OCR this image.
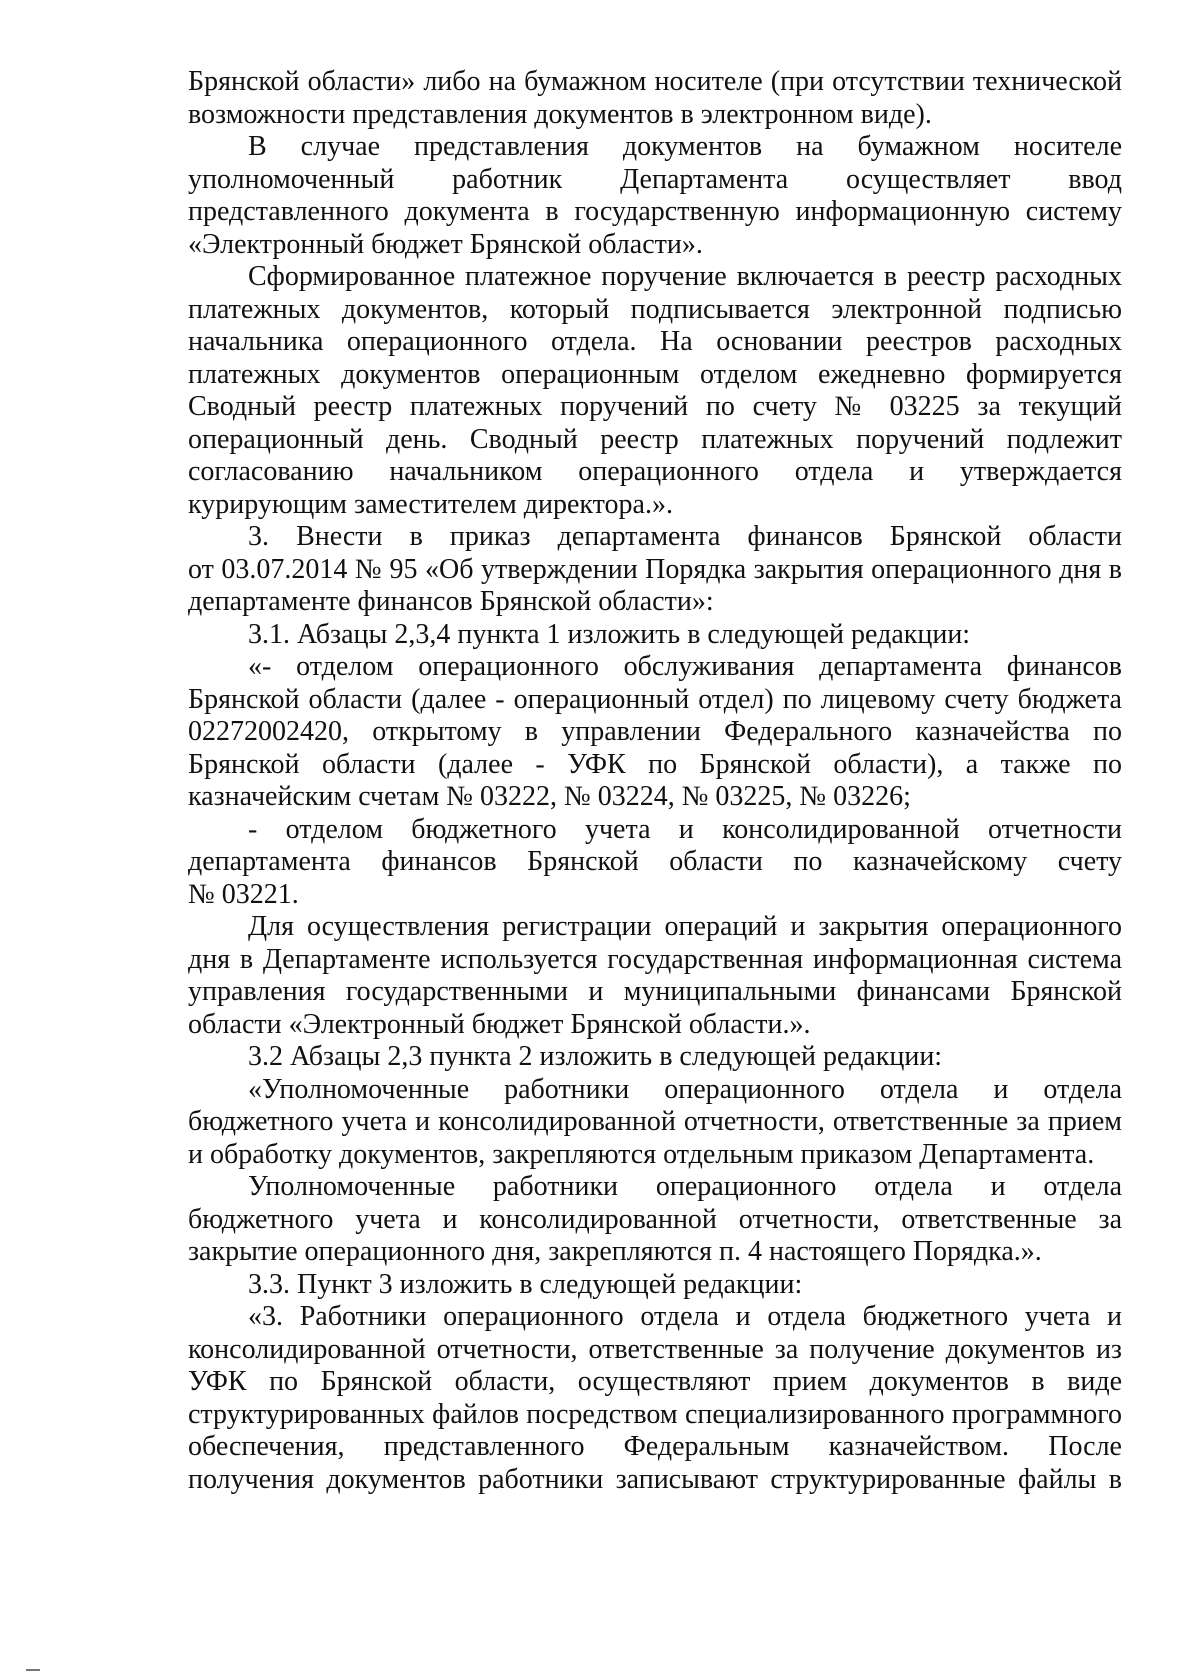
Брянской области» либо на бумажном носителе (при отсутствии технической

возможности представления документов в электронном виде).

В случае представления документов на бумажном носителе

уполномоченный работник Департамента осуществляет ввод

представленного документа в государственную информационную систему

«Электронный бюджет Брянской области».

Сформированное платежное поручение включается в реестр расходных

платежных документов, который подписывается электронной подписью

начальника операционного отдела. На основании реестров расходных

платежных документов операционным отделом ежедневно формируется

Сводный реестр платежных поручений по счету № 03225 за текущий

операционный день. Сводный реестр платежных поручений подлежит

согласованию начальником операционного отдела и утверждается

курирующим заместителем директора.».

3. Внести в приказ департамента финансов Брянской области

от 03.07.2014 № 95 «Об утверждении Порядка закрытия операционного дня в

департаменте финансов Брянской области»:

3.1. Абзацы 2,3,4 пункта 1 изложить в следующей редакции:

«- отделом операционного обслуживания департамента финансов

Брянской области (далее - операционный отдел) по лицевому счету бюджета

02272002420, открытому в управлении Федерального казначейства по

Брянской области (далее - УФК по Брянской области), а также по

казначейским счетам № 03222, № 03224, № 03225, № 03226;

- отделом бюджетного учета и консолидированной отчетности

департамента финансов Брянской области по казначейскому счету

№ 03221.

Для осуществления регистрации операций и закрытия операционного

дня в Департаменте используется государственная информационная система

управления государственными и муниципальными финансами Брянской

области «Электронный бюджет Брянской области.».

3.2 Абзацы 2,3 пункта 2 изложить в следующей редакции:

«Уполномоченные работники операционного отдела и отдела

бюджетного учета и консолидированной отчетности, ответственные за прием

и обработку документов, закрепляются отдельным приказом Департамента.

Уполномоченные работники операционного отдела и отдела

бюджетного учета и консолидированной отчетности, ответственные за

закрытие операционного дня, закрепляются п. 4 настоящего Порядка.».

3.3. Пункт 3 изложить в следующей редакции:

«3. Работники операционного отдела и отдела бюджетного учета и

консолидированной отчетности, ответственные за получение документов из

УФК по Брянской области, осуществляют прием документов в виде

структурированных файлов посредством специализированного программного

обеспечения, представленного Федеральным казначейством. После

получения документов работники записывают структурированные файлы в
